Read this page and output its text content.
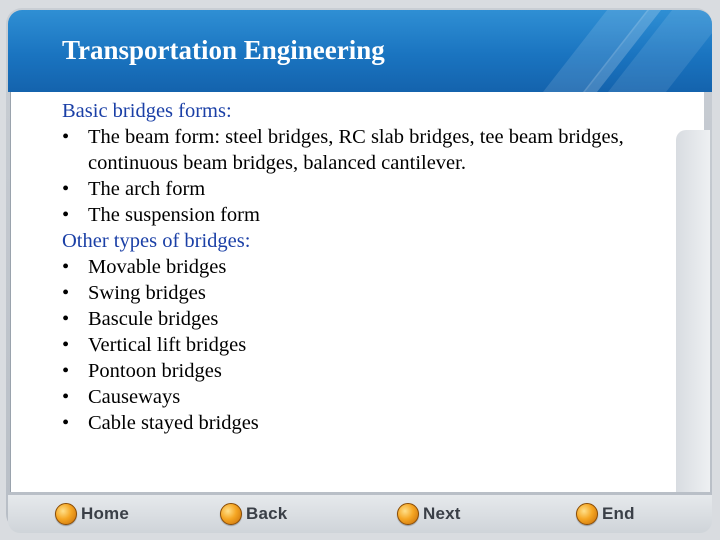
Transportation Engineering

Basic bridges forms:

• The beam form: steel bridges, RC slab bridges, tee beam bridges, continuous beam bridges, balanced cantilever.
• The arch form
• The suspension form

Other types of bridges:

• Movable bridges
• Swing bridges
• Bascule bridges
• Vertical lift bridges
• Pontoon bridges
• Causeways
• Cable stayed bridges
Home	Back	Next	End
